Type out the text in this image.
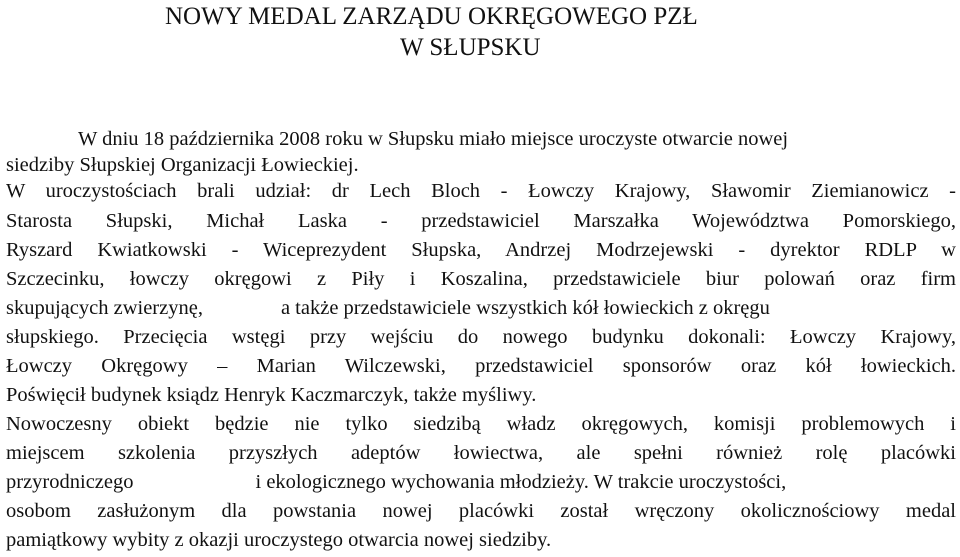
NOWY MEDAL ZARZĄDU OKRĘGOWEGO PZŁ
W SŁUPSKU
W dniu 18 października 2008 roku w Słupsku miało miejsce uroczyste otwarcie nowej
siedziby Słupskiej Organizacji Łowieckiej.
W uroczystościach brali udział: dr Lech Bloch - Łowczy Krajowy, Sławomir Ziemianowicz -
Starosta Słupski, Michał Laska - przedstawiciel Marszałka Województwa Pomorskiego,
Ryszard Kwiatkowski - Wiceprezydent Słupska, Andrzej Modrzejewski - dyrektor RDLP w
Szczecinku, łowczy okręgowi z Piły i Koszalina, przedstawiciele biur polowań oraz firm
skupujących zwierzynę,	a także przedstawiciele wszystkich kół łowieckich z okręgu
słupskiego. Przecięcia wstęgi przy wejściu do nowego budynku dokonali: Łowczy Krajowy,
Łowczy Okręgowy – Marian Wilczewski, przedstawiciel sponsorów oraz kół łowieckich.
Poświęcił budynek ksiądz Henryk Kaczmarczyk, także myśliwy.
Nowoczesny obiekt będzie nie tylko siedzibą władz okręgowych, komisji problemowych i
miejscem szkolenia przyszłych adeptów łowiectwa, ale spełni również rolę placówki
przyrodniczego	i ekologicznego wychowania młodzieży. W trakcie uroczystości,
osobom zasłużonym dla powstania nowej placówki został wręczony okolicznościowy medal
pamiątkowy wybity z okazji uroczystego otwarcia nowej siedziby.
